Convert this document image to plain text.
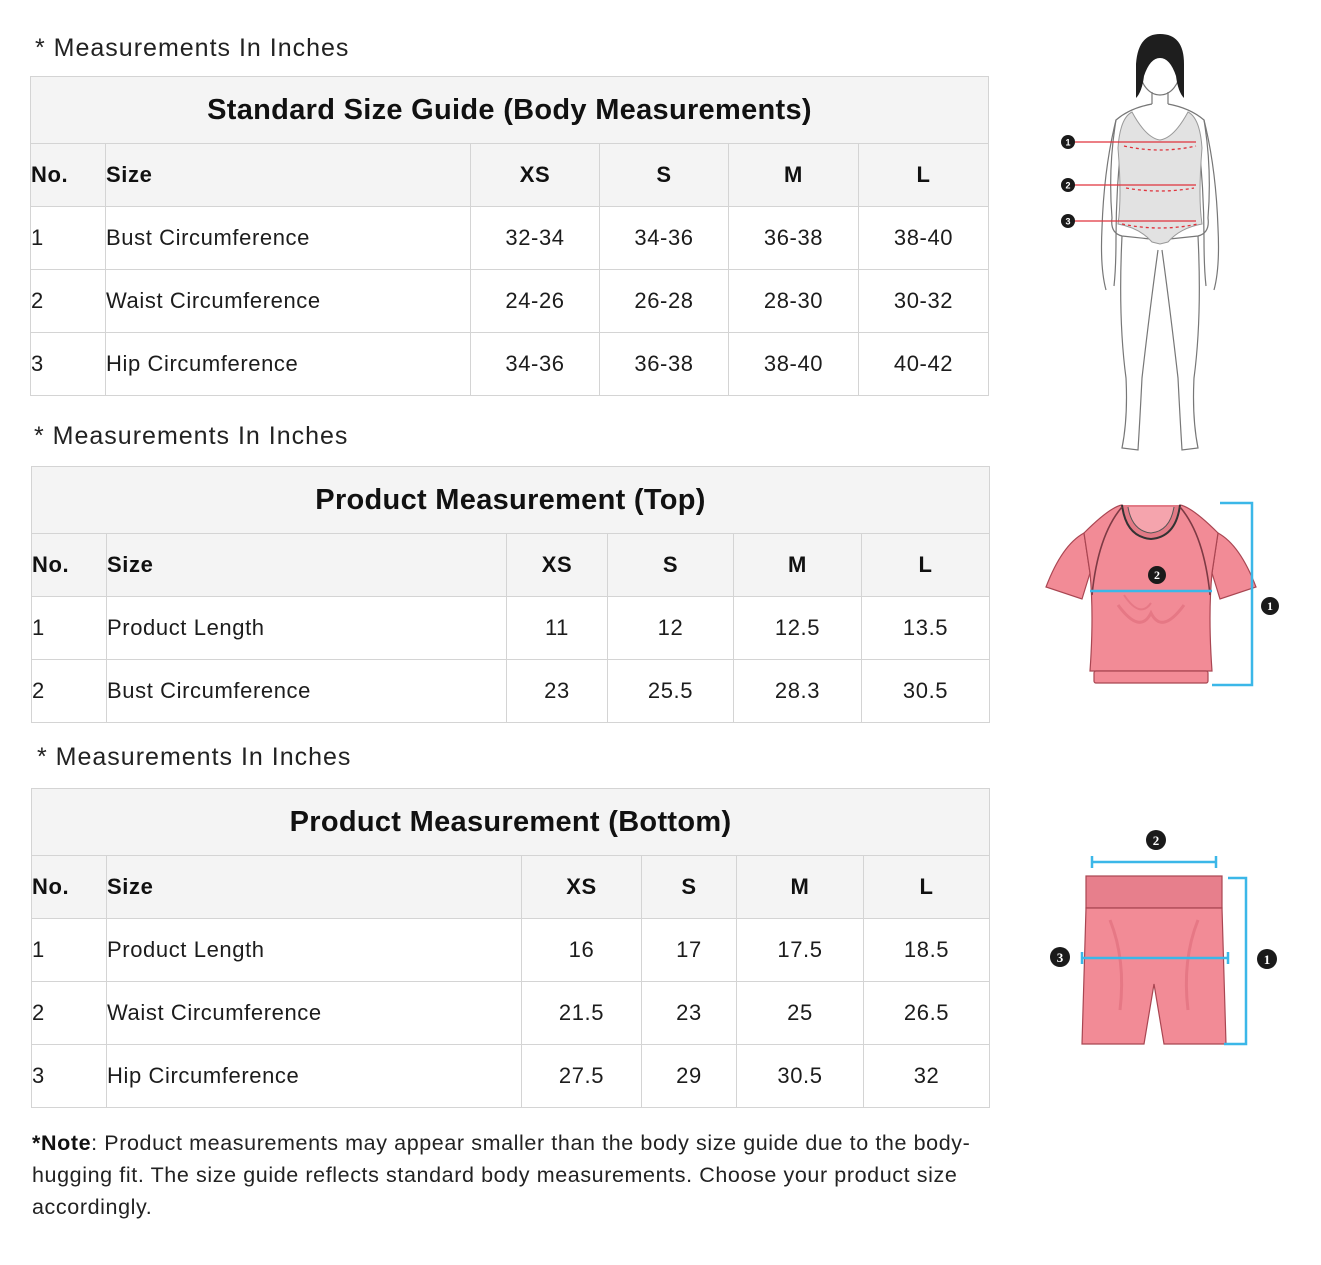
* Measurements In Inches

Standard Size Guide (Body Measurements)					
No.	Size	XS	S	M	L
1	Bust Circumference	32-34	34-36	36-38	38-40
2	Waist Circumference	24-26	26-28	28-30	30-32
3	Hip Circumference	34-36	36-38	38-40	40-42

* Measurements In Inches

Product Measurement (Top)					
No.	Size	XS	S	M	L
1	Product Length	11	12	12.5	13.5
2	Bust Circumference	23	25.5	28.3	30.5

* Measurements In Inches

Product Measurement (Bottom)					
No.	Size	XS	S	M	L
1	Product Length	16	17	17.5	18.5
2	Waist Circumference	21.5	23	25	26.5
3	Hip Circumference	27.5	29	30.5	32

*Note: Product measurements may appear smaller than the body size guide due to the body-hugging fit. The size guide reflects standard body measurements. Choose your product size accordingly.

1
2
3
2
1
2
3	1
